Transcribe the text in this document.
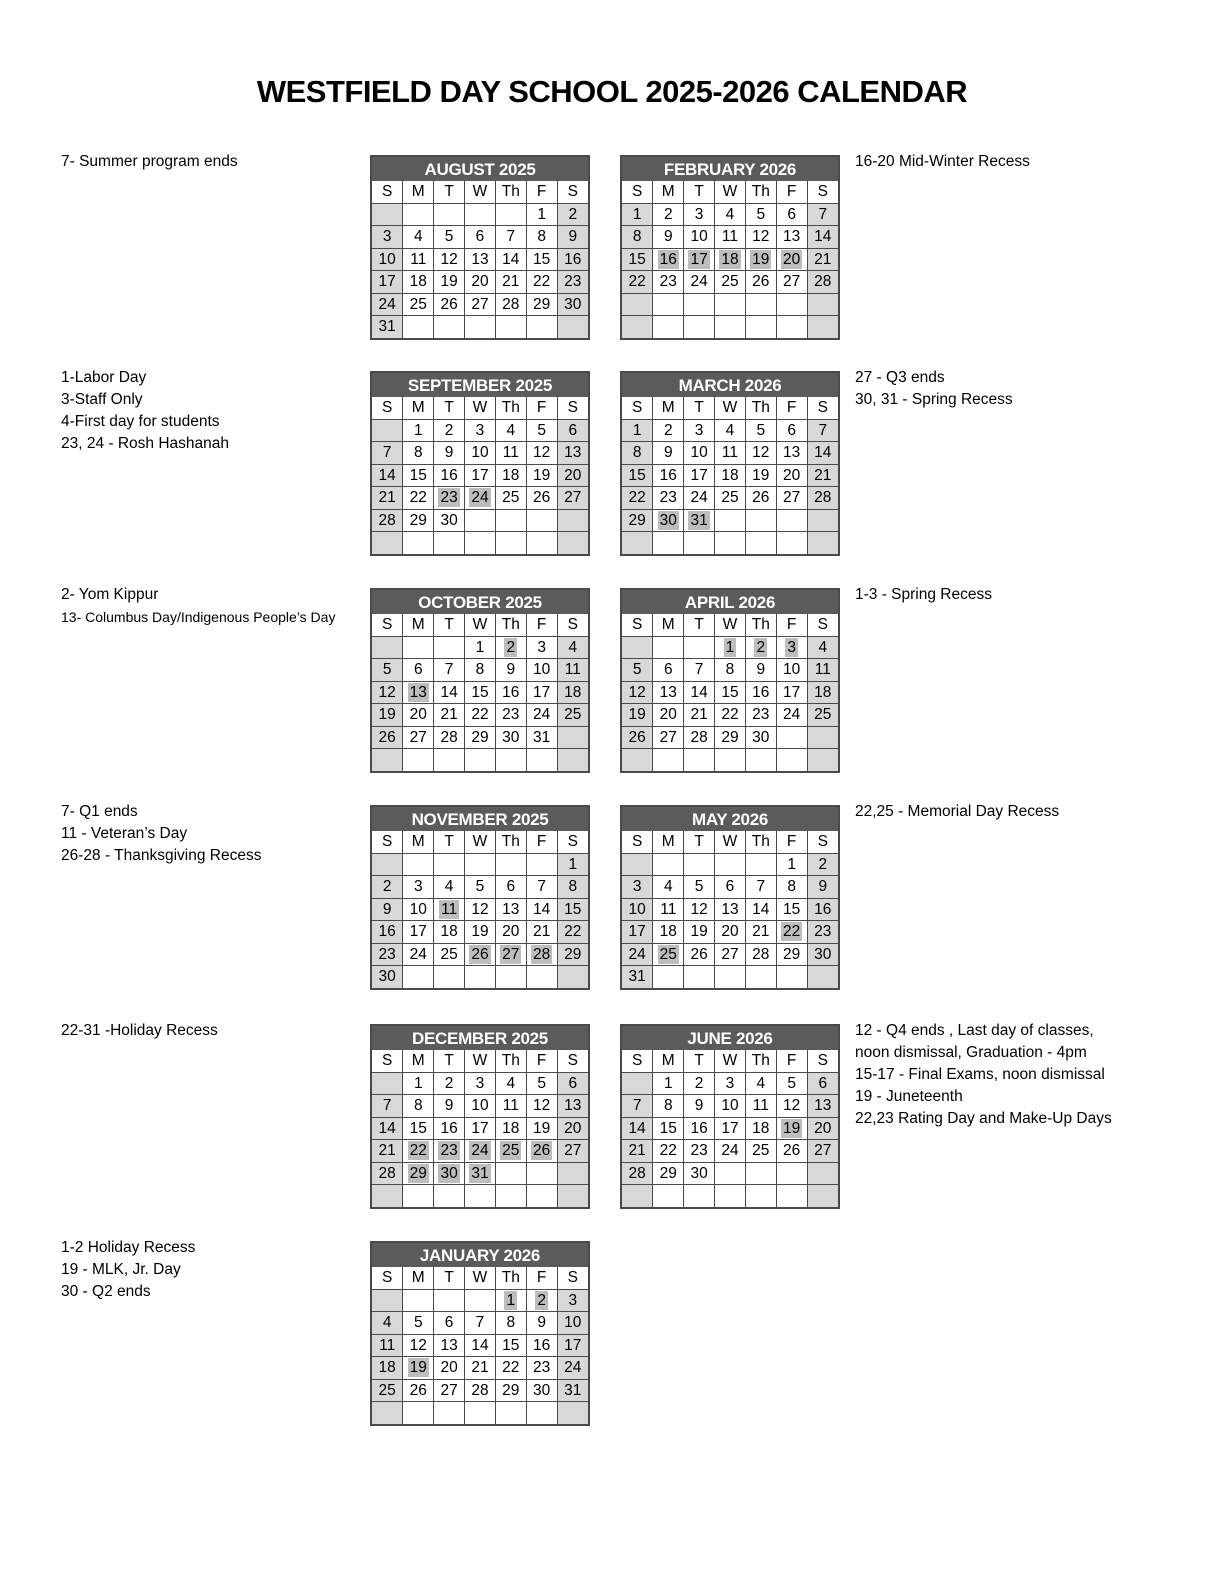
WESTFIELD DAY SCHOOL 2025-2026 CALENDAR
7- Summer program ends
1-Labor Day
3-Staff Only
4-First day for students
23, 24 - Rosh Hashanah
2- Yom Kippur
13- Columbus Day/Indigenous People’s Day
7- Q1 ends
11 - Veteran’s Day
26-28 - Thanksgiving Recess
22-31 -Holiday Recess
1-2 Holiday Recess
19 - MLK, Jr. Day
30 - Q2 ends
16-20 Mid-Winter Recess
27 - Q3 ends
30, 31 - Spring Recess
1-3 - Spring Recess
22,25 - Memorial Day Recess
12 - Q4 ends , Last day of classes,
noon dismissal, Graduation - 4pm
15-17 - Final Exams, noon dismissal
19 - Juneteenth
22,23 Rating Day and Make-Up Days
AUGUST 2025
S	M	T	W	Th	F	S
					1	2
3	4	5	6	7	8	9
10	11	12	13	14	15	16
17	18	19	20	21	22	23
24	25	26	27	28	29	30
31						
FEBRUARY 2026
S	M	T	W	Th	F	S
1	2	3	4	5	6	7
8	9	10	11	12	13	14
15	16	17	18	19	20	21
22	23	24	25	26	27	28

SEPTEMBER 2025
S	M	T	W	Th	F	S
	1	2	3	4	5	6
7	8	9	10	11	12	13
14	15	16	17	18	19	20
21	22	23	24	25	26	27
28	29	30				

MARCH 2026
S	M	T	W	Th	F	S
1	2	3	4	5	6	7
8	9	10	11	12	13	14
15	16	17	18	19	20	21
22	23	24	25	26	27	28
29	30	31				

OCTOBER 2025
S	M	T	W	Th	F	S
			1	2	3	4
5	6	7	8	9	10	11
12	13	14	15	16	17	18
19	20	21	22	23	24	25
26	27	28	29	30	31	

APRIL 2026
S	M	T	W	Th	F	S
			1	2	3	4
5	6	7	8	9	10	11
12	13	14	15	16	17	18
19	20	21	22	23	24	25
26	27	28	29	30		

NOVEMBER 2025
S	M	T	W	Th	F	S
						1
2	3	4	5	6	7	8
9	10	11	12	13	14	15
16	17	18	19	20	21	22
23	24	25	26	27	28	29
30						
MAY 2026
S	M	T	W	Th	F	S
					1	2
3	4	5	6	7	8	9
10	11	12	13	14	15	16
17	18	19	20	21	22	23
24	25	26	27	28	29	30
31						
DECEMBER 2025
S	M	T	W	Th	F	S
	1	2	3	4	5	6
7	8	9	10	11	12	13
14	15	16	17	18	19	20
21	22	23	24	25	26	27
28	29	30	31			

JUNE 2026
S	M	T	W	Th	F	S
	1	2	3	4	5	6
7	8	9	10	11	12	13
14	15	16	17	18	19	20
21	22	23	24	25	26	27
28	29	30				

JANUARY 2026
S	M	T	W	Th	F	S
				1	2	3
4	5	6	7	8	9	10
11	12	13	14	15	16	17
18	19	20	21	22	23	24
25	26	27	28	29	30	31
